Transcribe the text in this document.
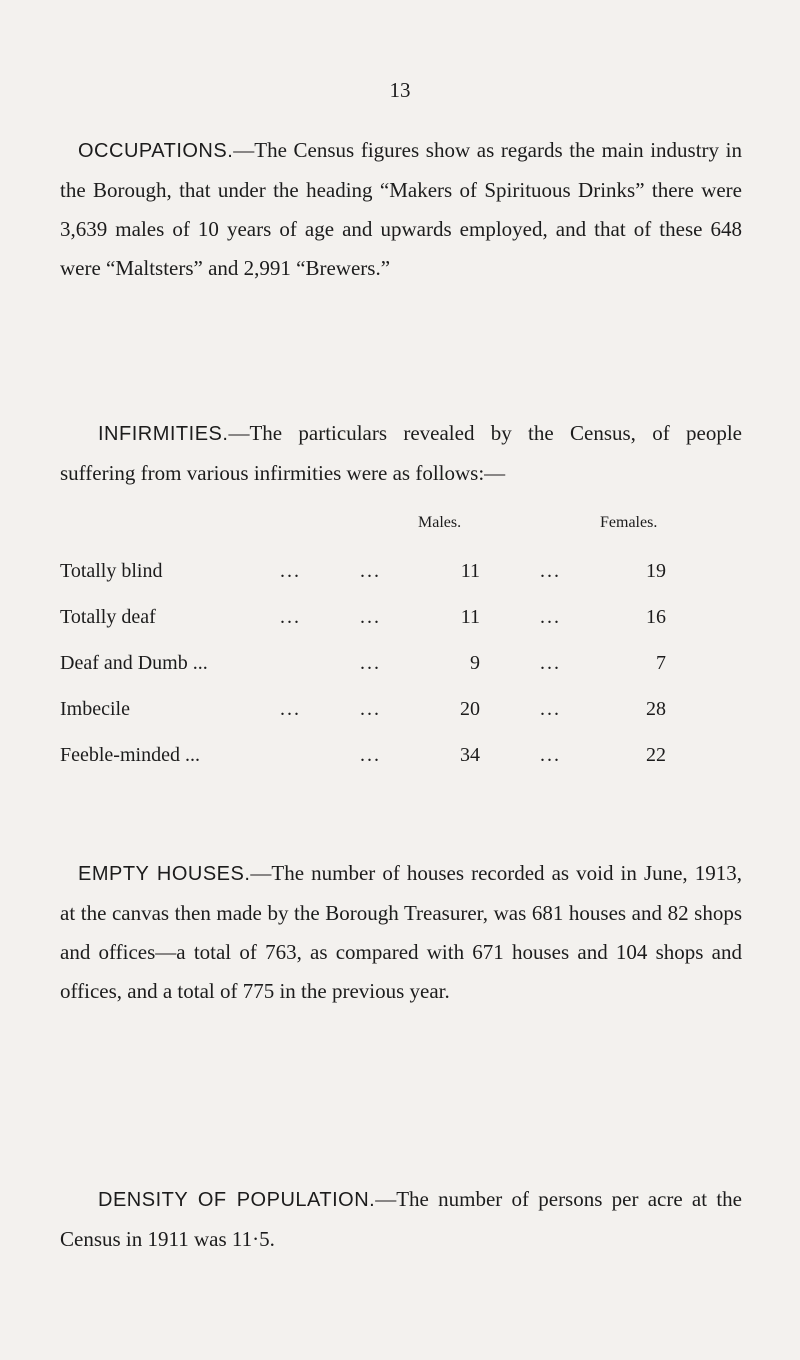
13

OCCUPATIONS.—The Census figures show as regards the main industry in the Borough, that under the heading “Makers of Spirituous Drinks” there were 3,639 males of 10 years of age and upwards employed, and that of these 648 were “Maltsters” and 2,991 “Brewers.”

INFIRMITIES.—The particulars revealed by the Census, of people suffering from various infirmities were as follows:—

Males.	Females.
Totally blind	...	...	11	...	19
Totally deaf	...	...	11	...	16
Deaf and Dumb ...	...	9	...	7
Imbecile	...	...	20	...	28
Feeble-minded ...	...	34	...	22

EMPTY HOUSES.—The number of houses recorded as void in June, 1913, at the canvas then made by the Borough Treasurer, was 681 houses and 82 shops and offices—a total of 763, as compared with 671 houses and 104 shops and offices, and a total of 775 in the previous year.

DENSITY OF POPULATION.—The number of persons per acre at the Census in 1911 was 11·5.
